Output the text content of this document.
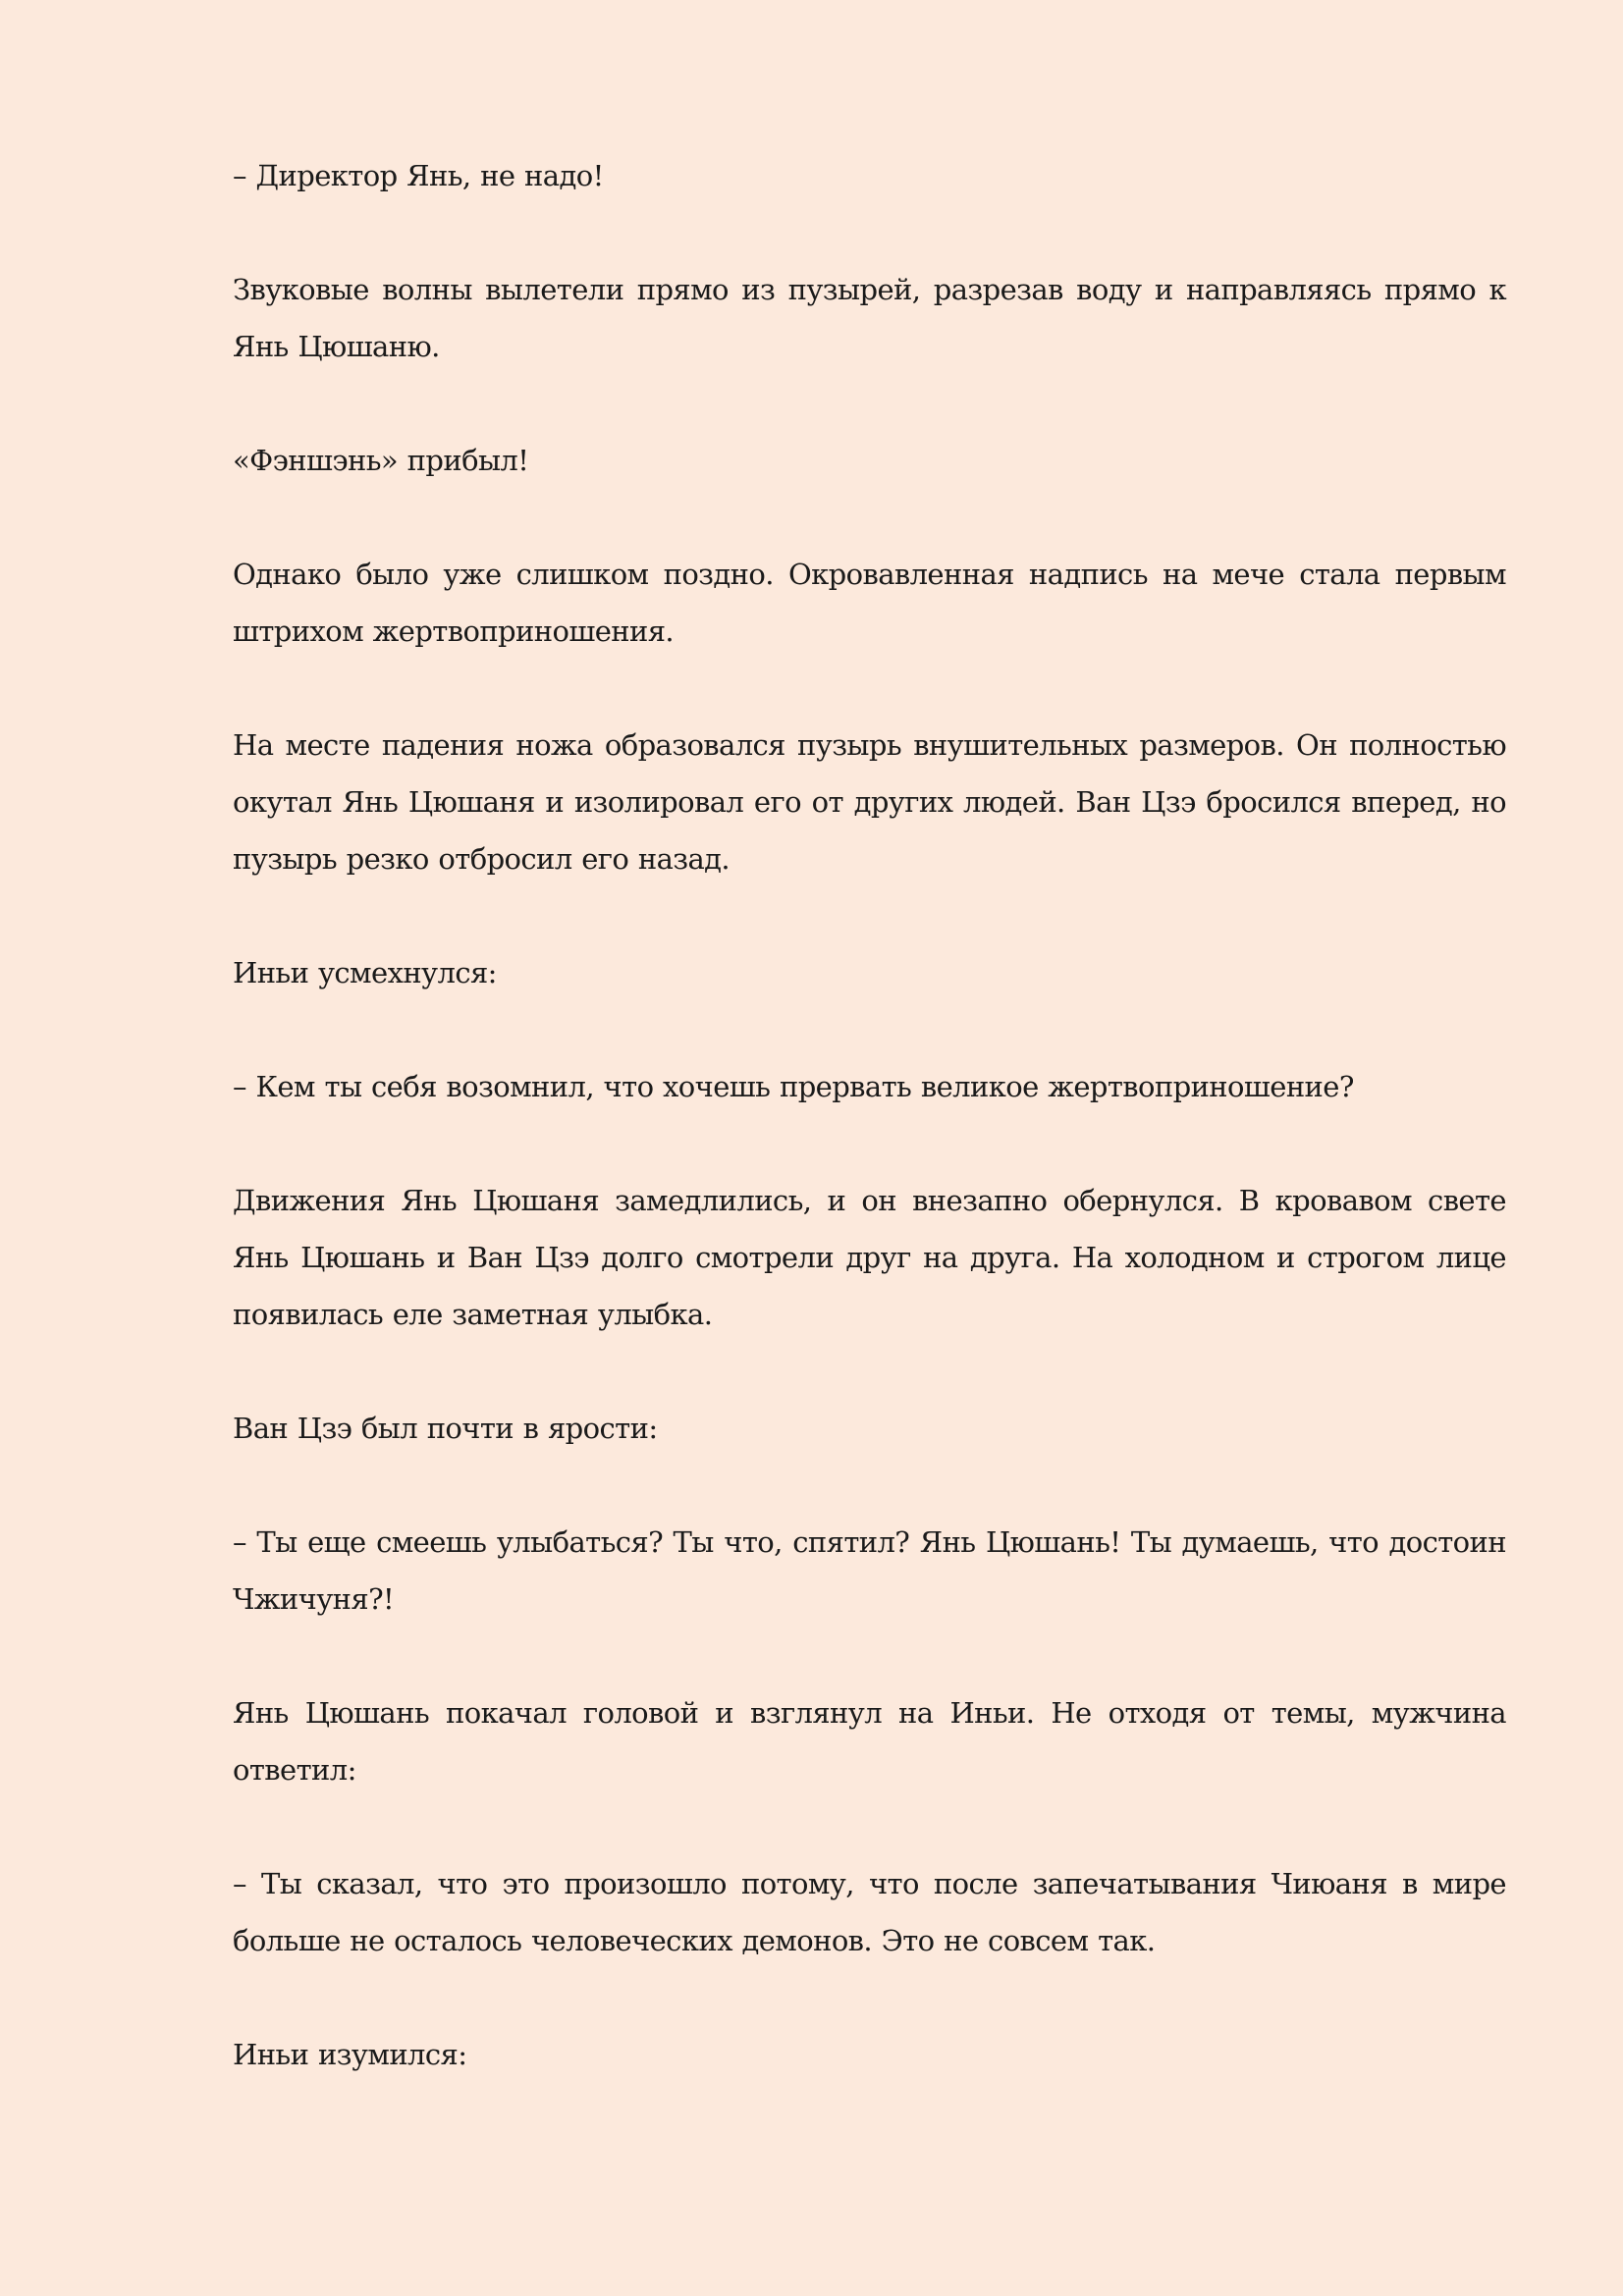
– Директор Янь, не надо!

Звуковые волны вылетели прямо из пузырей, разрезав воду и направляясь прямо к Янь Цюшаню.

«Фэншэнь» прибыл!

Однако было уже слишком поздно. Окровавленная надпись на мече стала первым штрихом жертвоприношения.

На месте падения ножа образовался пузырь внушительных размеров. Он полностью окутал Янь Цюшаня и изолировал его от других людей. Ван Цзэ бросился вперед, но пузырь резко отбросил его назад.

Иньи усмехнулся:

– Кем ты себя возомнил, что хочешь прервать великое жертвоприношение?

Движения Янь Цюшаня замедлились, и он внезапно обернулся. В кровавом свете Янь Цюшань и Ван Цзэ долго смотрели друг на друга. На холодном и строгом лице появилась еле заметная улыбка.

Ван Цзэ был почти в ярости:

– Ты еще смеешь улыбаться? Ты что, спятил? Янь Цюшань! Ты думаешь, что достоин Чжичуня?!

Янь Цюшань покачал головой и взглянул на Иньи. Не отходя от темы, мужчина ответил:

– Ты сказал, что это произошло потому, что после запечатывания Чиюаня в мире больше не осталось человеческих демонов. Это не совсем так.

Иньи изумился:
